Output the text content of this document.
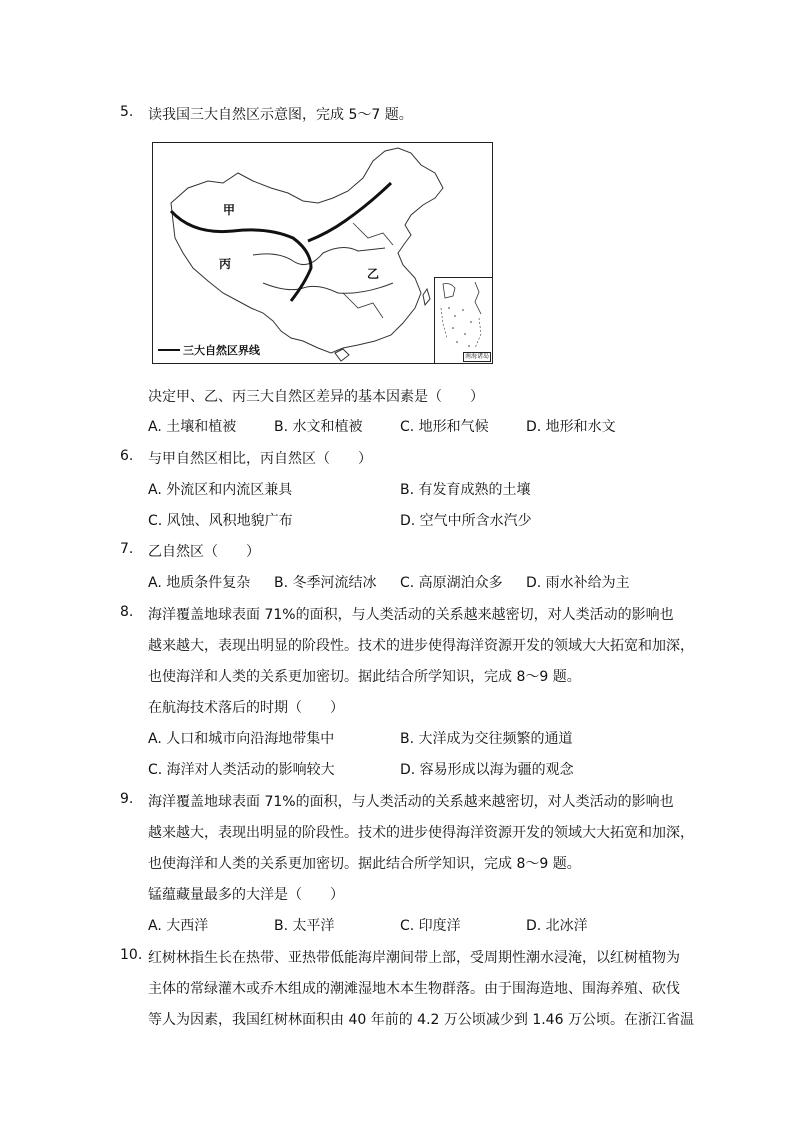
5. 读我国三大自然区示意图，完成 5～7 题。
甲
丙
乙
南海诸岛
三大自然区界线
决定甲、乙、丙三大自然区差异的基本因素是（　　）
A. 土壤和植被	B. 水文和植被	C. 地形和气候	D. 地形和水文
6. 与甲自然区相比，丙自然区（　　）
A. 外流区和内流区兼具	B. 有发育成熟的土壤
C. 风蚀、风积地貌广布	D. 空气中所含水汽少
7. 乙自然区（　　）
A. 地质条件复杂 B. 冬季河流结冰 C. 高原湖泊众多 D. 雨水补给为主
8. 海洋覆盖地球表面 71%的面积，与人类活动的关系越来越密切，对人类活动的影响也
越来越大，表现出明显的阶段性。技术的进步使得海洋资源开发的领域大大拓宽和加深，
也使海洋和人类的关系更加密切。据此结合所学知识，完成 8～9 题。
在航海技术落后的时期（　　）
A. 人口和城市向沿海地带集中	B. 大洋成为交往频繁的通道
C. 海洋对人类活动的影响较大	D. 容易形成以海为疆的观念
9. 海洋覆盖地球表面 71%的面积，与人类活动的关系越来越密切，对人类活动的影响也
越来越大，表现出明显的阶段性。技术的进步使得海洋资源开发的领域大大拓宽和加深，
也使海洋和人类的关系更加密切。据此结合所学知识，完成 8～9 题。
锰蕴藏量最多的大洋是（　　）
A. 大西洋	B. 太平洋	C. 印度洋	D. 北冰洋
10. 红树林指生长在热带、亚热带低能海岸潮间带上部，受周期性潮水浸淹，以红树植物为
主体的常绿灌木或乔木组成的潮滩湿地木本生物群落。由于围海造地、围海养殖、砍伐
等人为因素，我国红树林面积由 40 年前的 4.2 万公顷减少到 1.46 万公顷。在浙江省温
